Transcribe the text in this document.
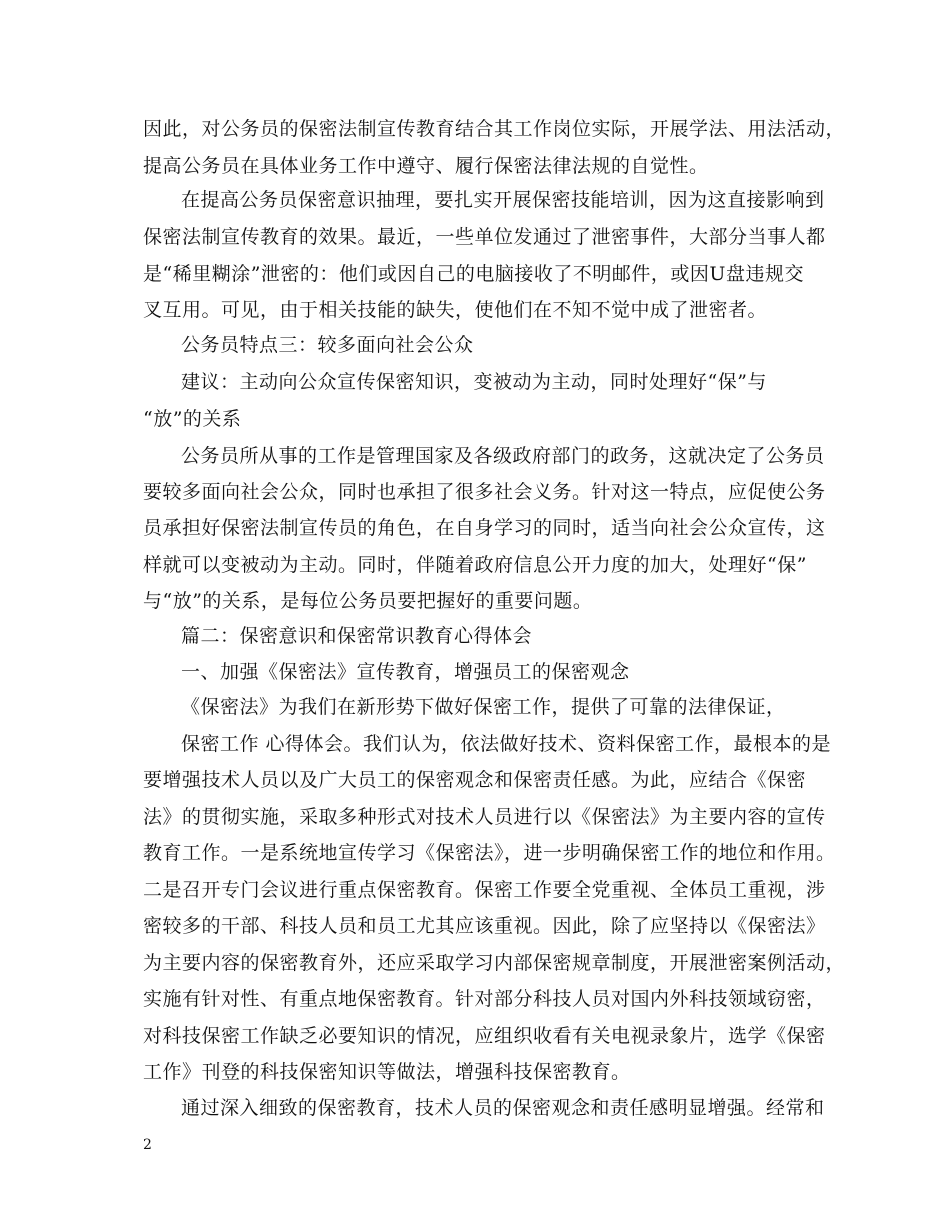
因此，对公务员的保密法制宣传教育结合其工作岗位实际，开展学法、用法活动，
提高公务员在具体业务工作中遵守、履行保密法律法规的自觉性。
在提高公务员保密意识抽理，要扎实开展保密技能培训，因为这直接影响到
保密法制宣传教育的效果。最近，一些单位发通过了泄密事件，大部分当事人都
是“稀里糊涂”泄密的：他们或因自己的电脑接收了不明邮件，或因U盘违规交
叉互用。可见，由于相关技能的缺失，使他们在不知不觉中成了泄密者。
公务员特点三：较多面向社会公众
建议：主动向公众宣传保密知识，变被动为主动，同时处理好“保”与
“放”的关系
公务员所从事的工作是管理国家及各级政府部门的政务，这就决定了公务员
要较多面向社会公众，同时也承担了很多社会义务。针对这一特点，应促使公务
员承担好保密法制宣传员的角色，在自身学习的同时，适当向社会公众宣传，这
样就可以变被动为主动。同时，伴随着政府信息公开力度的加大，处理好“保”
与“放”的关系，是每位公务员要把握好的重要问题。
篇二：保密意识和保密常识教育心得体会
一、加强《保密法》宣传教育，增强员工的保密观念
《保密法》为我们在新形势下做好保密工作，提供了可靠的法律保证，
保密工作 心得体会。我们认为，依法做好技术、资料保密工作，最根本的是
要增强技术人员以及广大员工的保密观念和保密责任感。为此，应结合《保密
法》的贯彻实施，采取多种形式对技术人员进行以《保密法》为主要内容的宣传
教育工作。一是系统地宣传学习《保密法》，进一步明确保密工作的地位和作用。
二是召开专门会议进行重点保密教育。保密工作要全党重视、全体员工重视，涉
密较多的干部、科技人员和员工尤其应该重视。因此，除了应坚持以《保密法》
为主要内容的保密教育外，还应采取学习内部保密规章制度，开展泄密案例活动，
实施有针对性、有重点地保密教育。针对部分科技人员对国内外科技领域窃密，
对科技保密工作缺乏必要知识的情况，应组织收看有关电视录象片，选学《保密
工作》刊登的科技保密知识等做法，增强科技保密教育。
通过深入细致的保密教育，技术人员的保密观念和责任感明显增强。经常和
2
